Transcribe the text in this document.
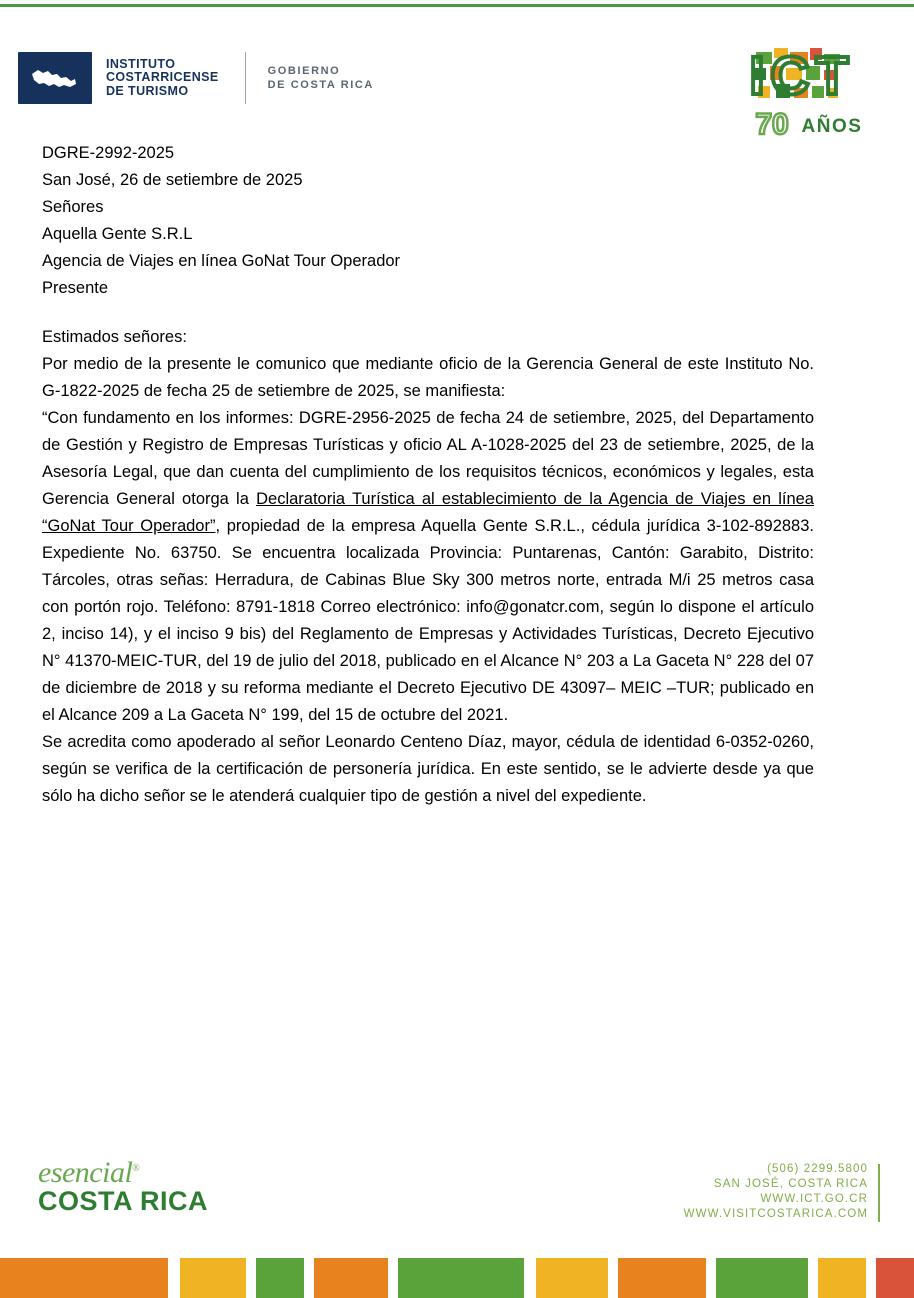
INSTITUTO
COSTARRICENSE
DE TURISMO
GOBIERNO
DE COSTA RICA	ICT
70 AÑOS

DGRE-2992-2025

San José, 26 de setiembre de 2025

Señores
Aquella Gente S.R.L
Agencia de Viajes en línea GoNat Tour Operador
Presente

Estimados señores:

Por medio de la presente le comunico que mediante oficio de la Gerencia General de este Instituto No. G-1822-2025 de fecha 25 de setiembre de 2025, se manifiesta:

“Con fundamento en los informes: DGRE-2956-2025 de fecha 24 de setiembre, 2025, del Departamento de Gestión y Registro de Empresas Turísticas y oficio AL A-1028-2025 del 23 de setiembre, 2025, de la Asesoría Legal, que dan cuenta del cumplimiento de los requisitos técnicos, económicos y legales, esta Gerencia General otorga la Declaratoria Turística al establecimiento de la Agencia de Viajes en línea “GoNat Tour Operador”, propiedad de la empresa Aquella Gente S.R.L., cédula jurídica 3-102-892883. Expediente No. 63750. Se encuentra localizada Provincia: Puntarenas, Cantón: Garabito, Distrito: Tárcoles, otras señas: Herradura, de Cabinas Blue Sky 300 metros norte, entrada M/i 25 metros casa con portón rojo. Teléfono: 8791-1818 Correo electrónico: info@gonatcr.com, según lo dispone el artículo 2, inciso 14), y el inciso 9 bis) del Reglamento de Empresas y Actividades Turísticas, Decreto Ejecutivo N° 41370-MEIC-TUR, del 19 de julio del 2018, publicado en el Alcance N° 203 a La Gaceta N° 228 del 07 de diciembre de 2018 y su reforma mediante el Decreto Ejecutivo DE 43097– MEIC –TUR; publicado en el Alcance 209 a La Gaceta N° 199, del 15 de octubre del 2021.

Se acredita como apoderado al señor Leonardo Centeno Díaz, mayor, cédula de identidad 6-0352-0260, según se verifica de la certificación de personería jurídica. En este sentido, se le advierte desde ya que sólo ha dicho señor se le atenderá cualquier tipo de gestión a nivel del expediente.

esencial®
COSTA RICA
(506) 2299.5800
SAN JOSÉ, COSTA RICA
WWW.ICT.GO.CR
WWW.VISITCOSTARICA.COM
